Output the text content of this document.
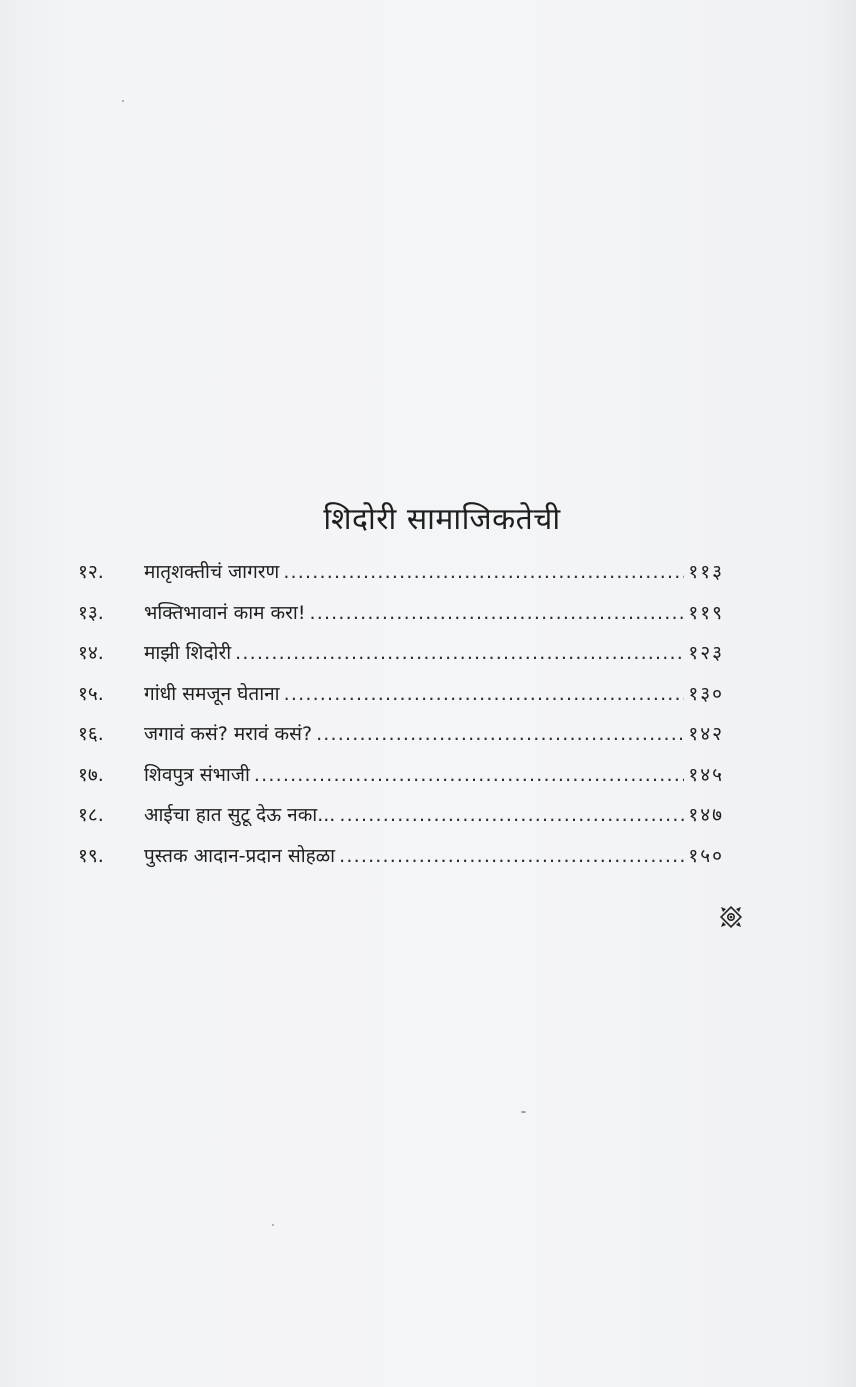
शिदोरी सामाजिकतेची
१२.	मातृशक्तीचं जागरण .....	११३
१३.	भक्तिभावानं काम करा! .....	११९
१४.	माझी शिदोरी .....	१२३
१५.	गांधी समजून घेताना .....	१३०
१६.	जगावं कसं? मरावं कसं? .....	१४२
१७.	शिवपुत्र संभाजी .....	१४५
१८.	आईचा हात सुटू देऊ नका... .....	१४७
१९.	पुस्तक आदान-प्रदान सोहळा .....	१५०
